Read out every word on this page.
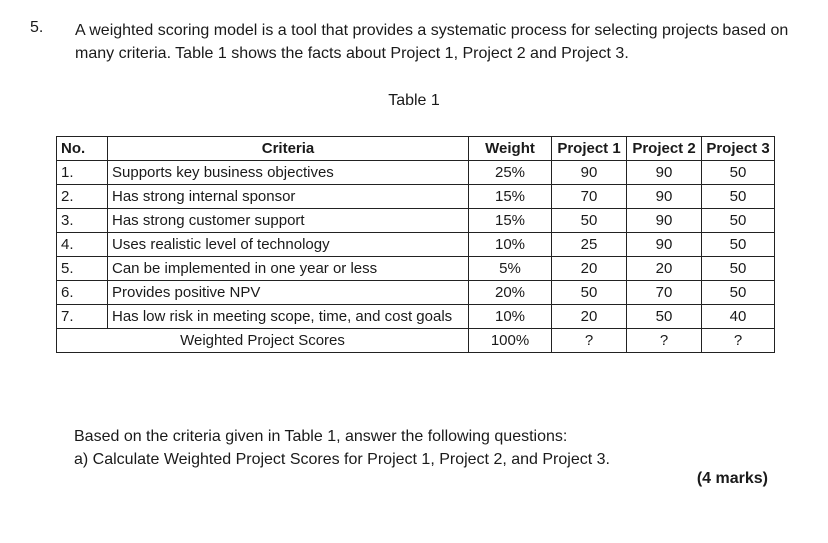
5. A weighted scoring model is a tool that provides a systematic process for selecting projects based on many criteria. Table 1 shows the facts about Project 1, Project 2 and Project 3.
Table 1
No.	Criteria	Weight	Project 1	Project 2	Project 3
1.	Supports key business objectives	25%	90	90	50
2.	Has strong internal sponsor	15%	70	90	50
3.	Has strong customer support	15%	50	90	50
4.	Uses realistic level of technology	10%	25	90	50
5.	Can be implemented in one year or less	5%	20	20	50
6.	Provides positive NPV	20%	50	70	50
7.	Has low risk in meeting scope, time, and cost goals	10%	20	50	40
Weighted Project Scores		100%	?	?	?
Based on the criteria given in Table 1, answer the following questions:
a) Calculate Weighted Project Scores for Project 1, Project 2, and Project 3.
(4 marks)
